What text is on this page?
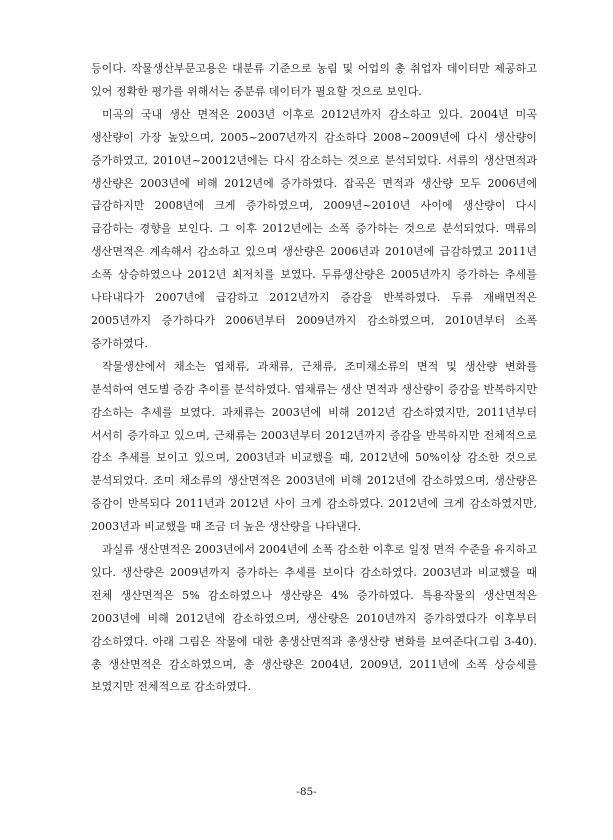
등이다. 작물생산부문고용은 대분류 기준으로 농림 및 어업의 총 취업자 데이터만 제공하고 있어 정확한 평가를 위해서는 중분류 데이터가 필요할 것으로 보인다.

미곡의 국내 생산 면적은 2003년 이후로 2012년까지 감소하고 있다. 2004년 미곡 생산량이 가장 높았으며, 2005~2007년까지 감소하다 2008~2009년에 다시 생산량이 증가하였고, 2010년~20012년에는 다시 감소하는 것으로 분석되었다. 서류의 생산면적과 생산량은 2003년에 비해 2012년에 증가하였다. 잡곡은 면적과 생산량 모두 2006년에 급감하지만 2008년에 크게 증가하였으며, 2009년~2010년 사이에 생산량이 다시 급감하는 경향을 보인다. 그 이후 2012년에는 소폭 증가하는 것으로 분석되었다. 맥류의 생산면적은 계속해서 감소하고 있으며 생산량은 2006년과 2010년에 급감하였고 2011년 소폭 상승하였으나 2012년 최저치를 보였다. 두류생산량은 2005년까지 증가하는 추세를 나타내다가 2007년에 급감하고 2012년까지 증감을 반복하였다. 두류 재배면적은 2005년까지 증가하다가 2006년부터 2009년까지 감소하였으며, 2010년부터 소폭 증가하였다.

작물생산에서 채소는 엽채류, 과채류, 근채류, 조미채소류의 면적 및 생산량 변화를 분석하여 연도별 증감 추이를 분석하였다. 엽채류는 생산 면적과 생산량이 증감을 반복하지만 감소하는 추세를 보였다. 과채류는 2003년에 비해 2012년 감소하였지만, 2011년부터 서서히 증가하고 있으며, 근채류는 2003년부터 2012년까지 증감을 반복하지만 전체적으로 감소 추세를 보이고 있으며, 2003년과 비교했을 때, 2012년에 50%이상 감소한 것으로 분석되었다. 조미 채소류의 생산면적은 2003년에 비해 2012년에 감소하였으며, 생산량은 증감이 반복되다 2011년과 2012년 사이 크게 감소하였다. 2012년에 크게 감소하였지만, 2003년과 비교했을 때 조금 더 높은 생산량을 나타낸다.

과실류 생산면적은 2003년에서 2004년에 소폭 감소한 이후로 일정 면적 수준을 유지하고 있다. 생산량은 2009년까지 증가하는 추세를 보이다 감소하였다. 2003년과 비교했을 때 전체 생산면적은 5% 감소하였으나 생산량은 4% 증가하였다. 특용작물의 생산면적은 2003년에 비해 2012년에 감소하였으며, 생산량은 2010년까지 증가하였다가 이후부터 감소하였다. 아래 그림은 작물에 대한 총생산면적과 총생산량 변화를 보여준다(그림 3-40). 총 생산면적은 감소하였으며, 총 생산량은 2004년, 2009년, 2011년에 소폭 상승세를 보였지만 전체적으로 감소하였다.

-85-
